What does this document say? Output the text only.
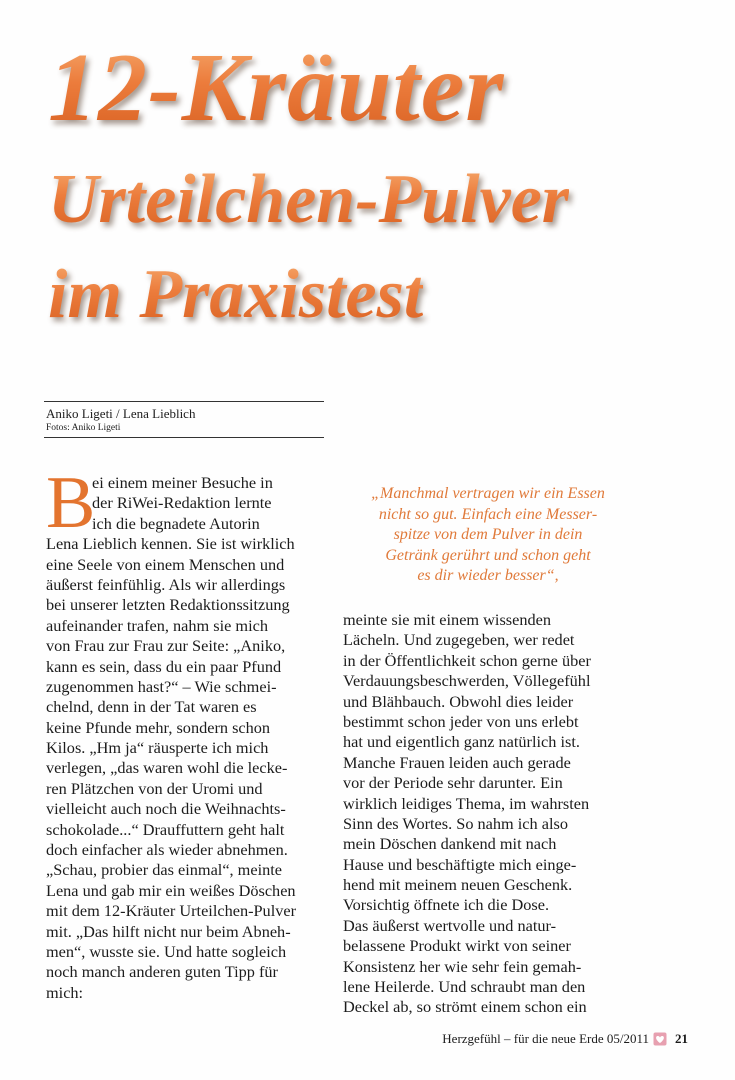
12-Kräuter
Urteilchen-Pulver
im Praxistest
Aniko Ligeti / Lena Lieblich
Fotos: Aniko Ligeti
B
ei einem meiner Besuche in
der RiWei-Redaktion lernte
ich die begnadete Autorin
Lena Lieblich kennen. Sie ist wirklich
eine Seele von einem Menschen und
äußerst feinfühlig. Als wir allerdings
bei unserer letzten Redaktionssitzung
aufeinander trafen, nahm sie mich
von Frau zur Frau zur Seite: „Aniko,
kann es sein, dass du ein paar Pfund
zugenommen hast?“ – Wie schmei-
chelnd, denn in der Tat waren es
keine Pfunde mehr, sondern schon
Kilos. „Hm ja“ räusperte ich mich
verlegen, „das waren wohl die lecke-
ren Plätzchen von der Uromi und
vielleicht auch noch die Weihnachts-
schokolade...“ Drauffuttern geht halt
doch einfacher als wieder abnehmen.
„Schau, probier das einmal“, meinte
Lena und gab mir ein weißes Döschen
mit dem 12-Kräuter Urteilchen-Pulver
mit. „Das hilft nicht nur beim Abneh-
men“, wusste sie. Und hatte sogleich
noch manch anderen guten Tipp für
mich:
„Manchmal vertragen wir ein Essen
nicht so gut. Einfach eine Messer-
spitze von dem Pulver in dein
Getränk gerührt und schon geht
es dir wieder besser“,
meinte sie mit einem wissenden
Lächeln. Und zugegeben, wer redet
in der Öffentlichkeit schon gerne über
Verdauungsbeschwerden, Völlegefühl
und Blähbauch. Obwohl dies leider
bestimmt schon jeder von uns erlebt
hat und eigentlich ganz natürlich ist.
Manche Frauen leiden auch gerade
vor der Periode sehr darunter. Ein
wirklich leidiges Thema, im wahrsten
Sinn des Wortes. So nahm ich also
mein Döschen dankend mit nach
Hause und beschäftigte mich einge-
hend mit meinem neuen Geschenk.
Vorsichtig öffnete ich die Dose.
Das äußerst wertvolle und natur-
belassene Produkt wirkt von seiner
Konsistenz her wie sehr fein gemah-
lene Heilerde. Und schraubt man den
Deckel ab, so strömt einem schon ein
Herzgefühl – für die neue Erde 05/2011 21
